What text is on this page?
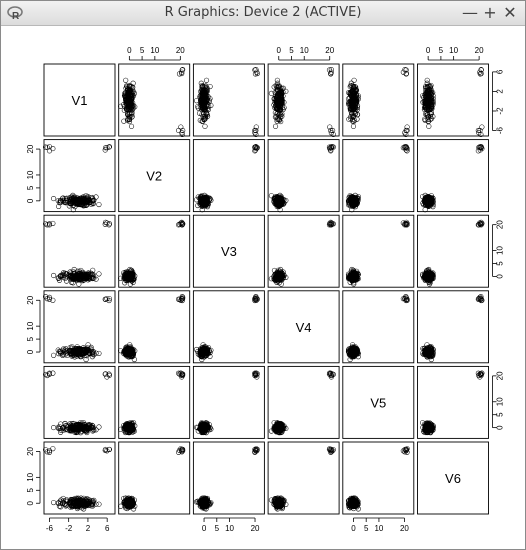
R	R Graphics: Device 2 (ACTIVE)	— + ✕
V1
V2
V3
V4
V5
V6
0 5 10 20	0 5 10 20	0 5 10 20
-6 -2 2 6	0 5 10 20	0 5 10 20
0
5
10
20
0
5
10
20
0
5
10
20
-6
-2
2
6
0
5
10
20
0
5
10
20
